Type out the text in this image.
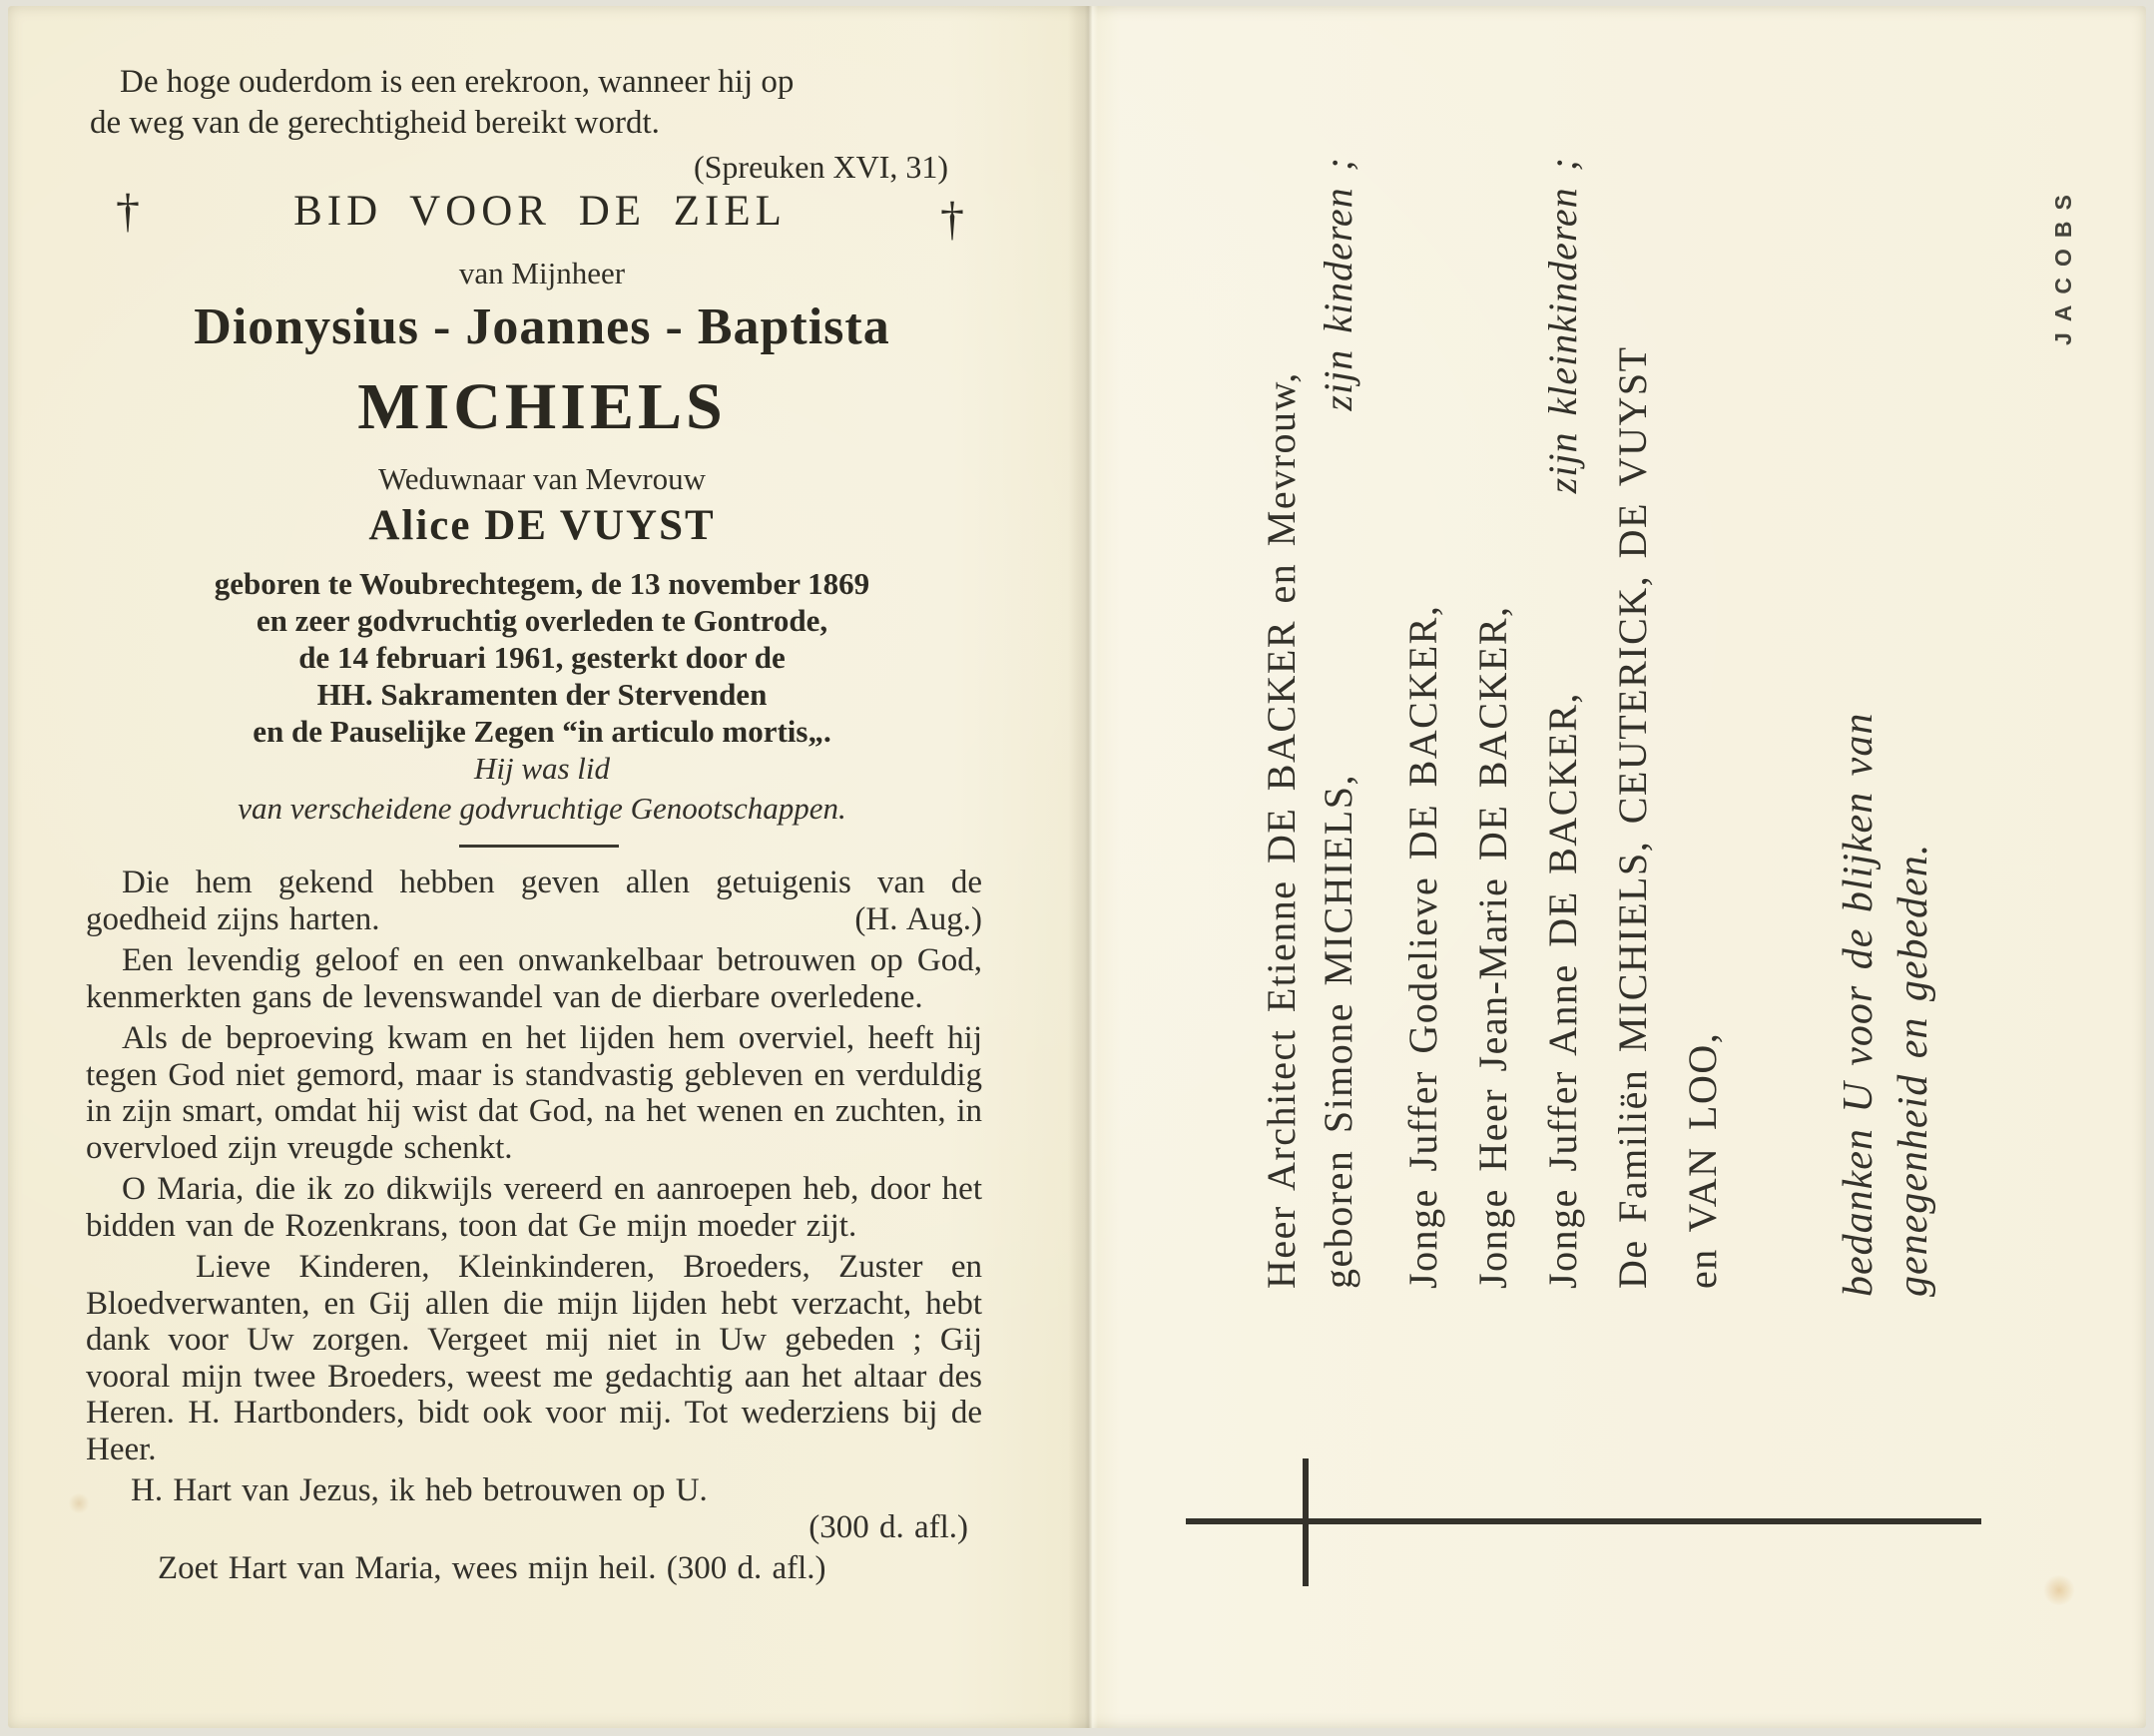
De hoge ouderdom is een erekroon, wanneer hij op
de weg van de gerechtigheid bereikt wordt.
(Spreuken XVI, 31)
†	BID VOOR DE ZIEL	†
van Mijnheer
Dionysius - Joannes - Baptista
MICHIELS
Weduwnaar van Mevrouw
Alice DE VUYST
geboren te Woubrechtegem, de 13 november 1869
en zeer godvruchtig overleden te Gontrode,
de 14 februari 1961, gesterkt door de
HH. Sakramenten der Stervenden
en de Pauselijke Zegen “in articulo mortis„.
Hij was lid
van verscheidene godvruchtige Genootschappen.

Die hem gekend hebben geven allen getuigenis van de goedheid zijns harten.	(H. Aug.)

Een levendig geloof en een onwankelbaar betrouwen op God, kenmerkten gans de levenswandel van de dierbare overledene.

Als de beproeving kwam en het lijden hem overviel, heeft hij tegen God niet gemord, maar is standvastig gebleven en verduldig in zijn smart, omdat hij wist dat God, na het wenen en zuchten, in overvloed zijn vreugde schenkt.

O Maria, die ik zo dikwijls vereerd en aanroepen heb, door het bidden van de Rozenkrans, toon dat Ge mijn moeder zijt.

Lieve Kinderen, Kleinkinderen, Broeders, Zuster en Bloedverwanten, en Gij allen die mijn lijden hebt verzacht, hebt dank voor Uw zorgen. Vergeet mij niet in Uw gebeden ; Gij vooral mijn twee Broeders, weest me gedachtig aan het altaar des Heren. H. Hartbonders, bidt ook voor mij. Tot wederziens bij de Heer.

H. Hart van Jezus, ik heb betrouwen op U.

(300 d. afl.)

Zoet Hart van Maria, wees mijn heil. (300 d. afl.)

Heer Architect Etienne DE BACKER en Mevrouw, geboren Simone MICHIELS,
zijn kinderen ;
Jonge Juffer Godelieve DE BACKER, Jonge Heer Jean-Marie DE BACKER, Jonge Juffer Anne DE BACKER,
zijn kleinkinderen ;
De Familiën MICHIELS, CEUTERICK, DE VUYST en VAN LOO,	bedanken U voor de blijken van genegenheid en gebeden.
JACOBS
